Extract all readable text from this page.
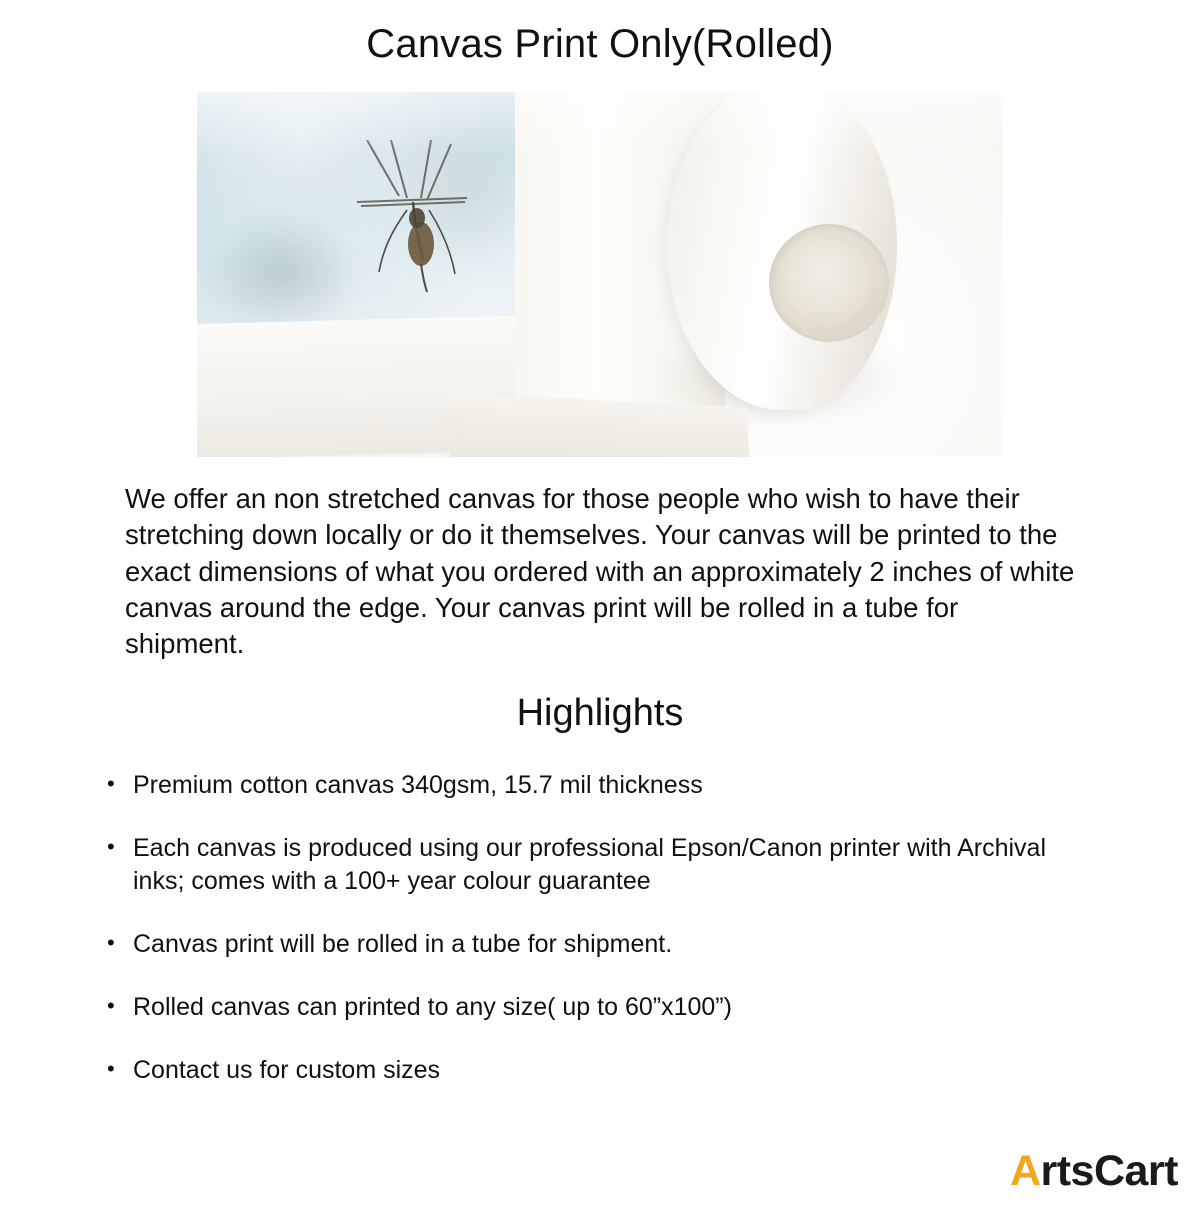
Canvas Print Only(Rolled)

We offer an non stretched canvas for those people who wish to have their stretching down locally or do it themselves. Your canvas will be printed to the exact dimensions of what you ordered with an approximately 2 inches of white canvas around the edge. Your canvas print will be rolled in a tube for shipment.

Highlights
• Premium cotton canvas 340gsm, 15.7 mil thickness
• Each canvas is produced using our professional Epson/Canon printer with Archival inks; comes with a 100+ year colour guarantee
• Canvas print will be rolled in a tube for shipment.
• Rolled canvas can printed to any size( up to 60”x100”)
• Contact us for custom sizes
ArtsCart
